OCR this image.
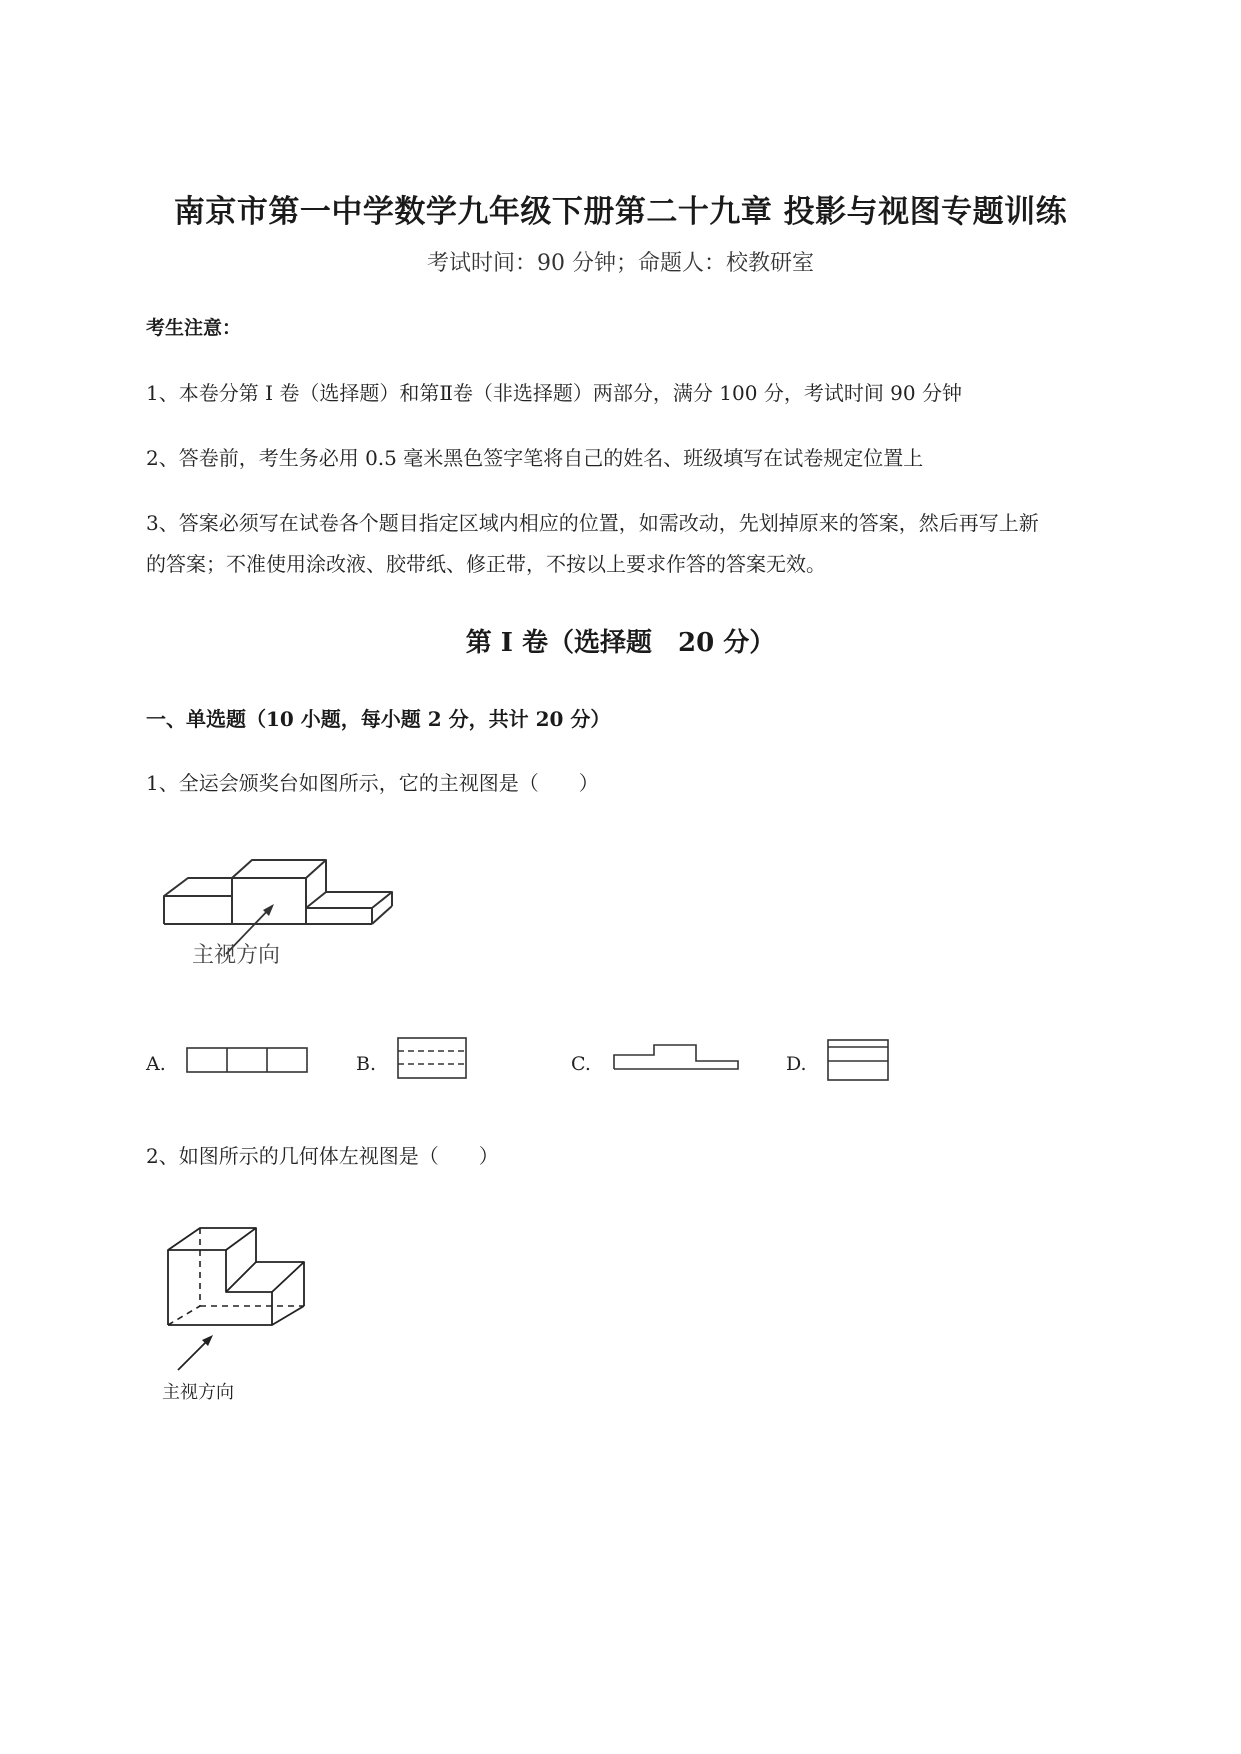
南京市第一中学数学九年级下册第二十九章 投影与视图专题训练
考试时间：90 分钟；命题人：校教研室
考生注意：
1、本卷分第 I 卷（选择题）和第Ⅱ卷（非选择题）两部分，满分 100 分，考试时间 90 分钟
2、答卷前，考生务必用 0.5 毫米黑色签字笔将自己的姓名、班级填写在试卷规定位置上
3、答案必须写在试卷各个题目指定区域内相应的位置，如需改动，先划掉原来的答案，然后再写上新
的答案；不准使用涂改液、胶带纸、修正带，不按以上要求作答的答案无效。
第 I 卷（选择题　20 分）
一、单选题（10 小题，每小题 2 分，共计 20 分）
1、全运会颁奖台如图所示，它的主视图是（　　）
主视方向
A.	B.	C.	D.
2、如图所示的几何体左视图是（　　）
主视方向
